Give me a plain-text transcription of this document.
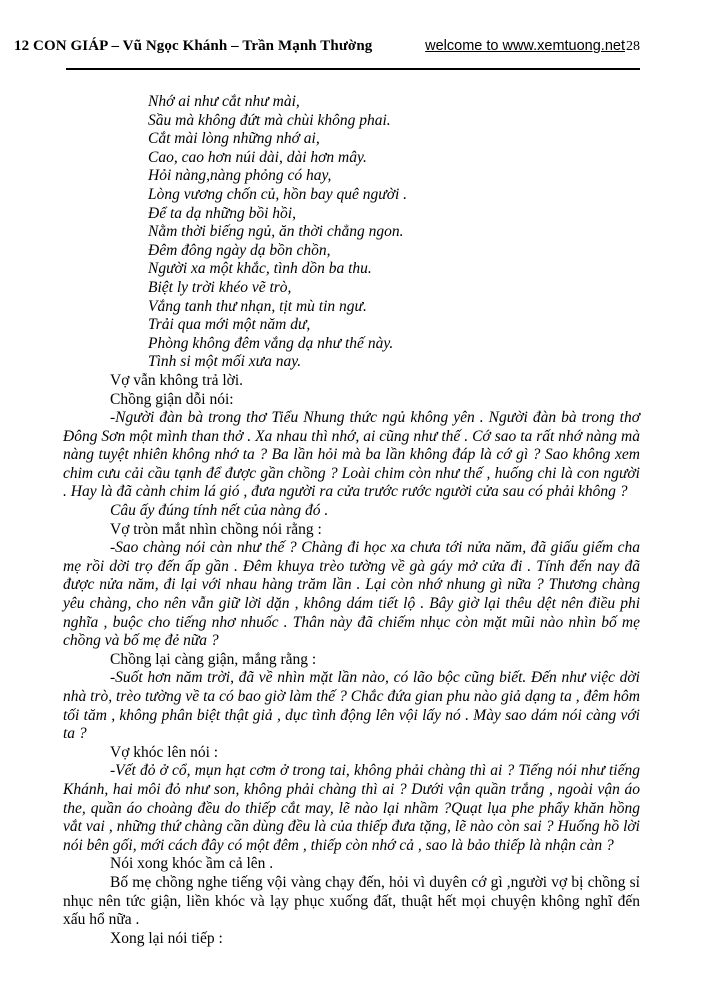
12 CON GIÁP – Vũ Ngọc Khánh – Trần Mạnh Thường	welcome to www.xemtuong.net 28
Nhớ ai như cắt như mài,
Sầu mà không đứt mà chùi không phai.
Cắt mài lòng những nhớ ai,
Cao, cao hơn núi dài, dài hơn mây.
Hỏi nàng,nàng phỏng có hay,
Lòng vương chốn củ, hồn bay quê người .
Để ta dạ những bồi hồi,
Nằm thời biếng ngủ, ăn thời chẳng ngon.
Đêm đông ngày dạ bồn chồn,
Người xa một khắc, tình dồn ba thu.
Biệt ly trời khéo vẽ trò,
Vắng tanh thư nhạn, tịt mù tin ngư.
Trải qua mới một năm dư,
Phòng không đêm vắng dạ như thế này.
Tình si một mối xưa nay.

Vợ vẫn không trả lời.

Chồng giận dỗi nói:

-Người đàn bà trong thơ Tiểu Nhung thức ngủ không yên . Người đàn bà trong thơ Đông Sơn một mình than thở . Xa nhau thì nhớ, ai cũng như thế . Cớ sao ta rất nhớ nàng mà nàng tuyệt nhiên không nhớ ta ? Ba lần hỏi mà ba lần không đáp là cớ gì ? Sao không xem chim cưu cải cầu tạnh để được gần chồng ? Loài chim còn như thế , huống chi là con người . Hay là đã cành chim lá gió , đưa người ra cửa trước rước người cửa sau có phải không ?

Câu ấy đúng tính nết của nàng đó .

Vợ tròn mắt nhìn chồng nói rằng :

-Sao chàng nói càn như thế ? Chàng đi học xa chưa tới nửa năm, đã giấu giếm cha mẹ rồi dời trọ đến ấp gần . Đêm khuya trèo tường về gà gáy mở cửa đi . Tính đến nay đã được nửa năm, đi lại với nhau hàng trăm lần . Lại còn nhớ nhung gì nữa ? Thương chàng yêu chàng, cho nên vẫn giữ lời dặn , không dám tiết lộ . Bây giờ lại thêu dệt nên điều phi nghĩa , buộc cho tiếng nhơ nhuốc . Thân này đã chiếm nhục còn mặt mũi nào nhìn bố mẹ chồng và bố mẹ đẻ nữa ?

Chồng lại càng giận, mắng rằng :

-Suốt hơn năm trời, đã về nhìn mặt lần nào, có lão bộc cũng biết. Đến như việc dời nhà trò, trèo tường về ta có bao giờ làm thế ? Chắc đứa gian phu nào giả dạng ta , đêm hôm tối tăm , không phân biệt thật giả , dục tình động lên vội lấy nó . Mày sao dám nói càng với ta ?

Vợ khóc lên nói :

-Vết đỏ ở cổ, mụn hạt cơm ở trong tai, không phải chàng thì ai ? Tiếng nói như tiếng Khánh, hai môi đỏ như son, không phải chàng thì ai ? Dưới vận quần trắng , ngoài vận áo the, quần áo choàng đều do thiếp cắt may, lẽ nào lại nhầm ?Quạt lụa phe phẩy khăn hồng vắt vai , những thứ chàng cần dùng đều là của thiếp đưa tặng, lẽ nào còn sai ? Huống hồ lời nói bên gối, mới cách đây có một đêm , thiếp còn nhớ cả , sao là bảo thiếp là nhận càn ?

Nói xong khóc ầm cả lên .

Bố mẹ chồng nghe tiếng vội vàng chạy đến, hỏi vì duyên cớ gì ,người vợ bị chồng sỉ nhục nên tức giận, liền khóc và lạy phục xuống đất, thuật hết mọi chuyện không nghĩ đến xấu hổ nữa .

Xong lại nói tiếp :
